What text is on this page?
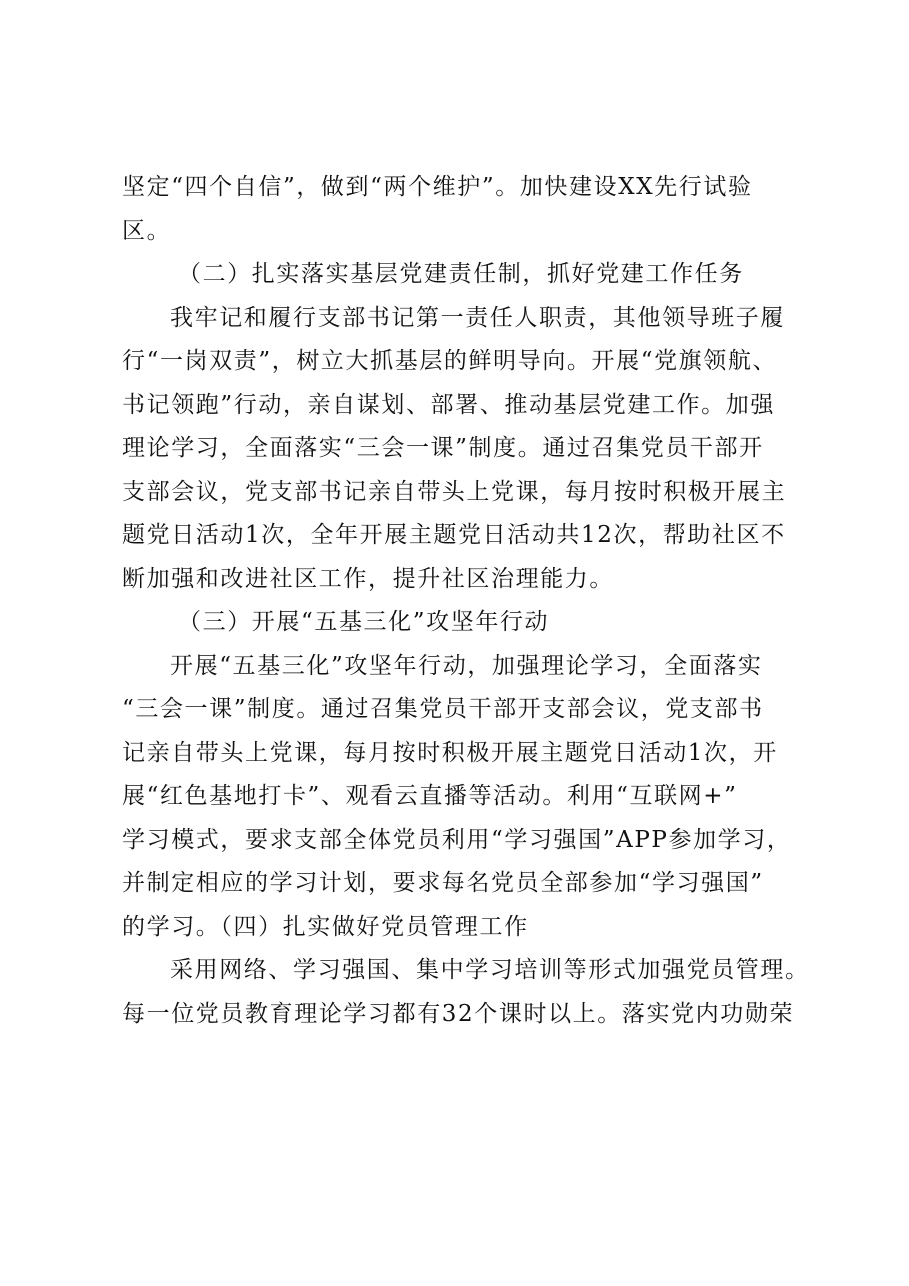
坚定“四个自信”，做到“两个维护”。加快建设XX先行试验
区。
（二）扎实落实基层党建责任制，抓好党建工作任务
我牢记和履行支部书记第一责任人职责，其他领导班子履
行“一岗双责”，树立大抓基层的鲜明导向。开展“党旗领航、
书记领跑”行动，亲自谋划、部署、推动基层党建工作。加强
理论学习，全面落实“三会一课”制度。通过召集党员干部开
支部会议，党支部书记亲自带头上党课，每月按时积极开展主
题党日活动1次，全年开展主题党日活动共12次，帮助社区不
断加强和改进社区工作，提升社区治理能力。
（三）开展“五基三化”攻坚年行动
开展“五基三化”攻坚年行动，加强理论学习，全面落实
“三会一课”制度。通过召集党员干部开支部会议，党支部书
记亲自带头上党课，每月按时积极开展主题党日活动1次，开
展“红色基地打卡”、观看云直播等活动。利用“互联网+”
学习模式，要求支部全体党员利用“学习强国”APP参加学习，
并制定相应的学习计划，要求每名党员全部参加“学习强国”
的学习。（四）扎实做好党员管理工作
采用网络、学习强国、集中学习培训等形式加强党员管理。
每一位党员教育理论学习都有32个课时以上。落实党内功勋荣
